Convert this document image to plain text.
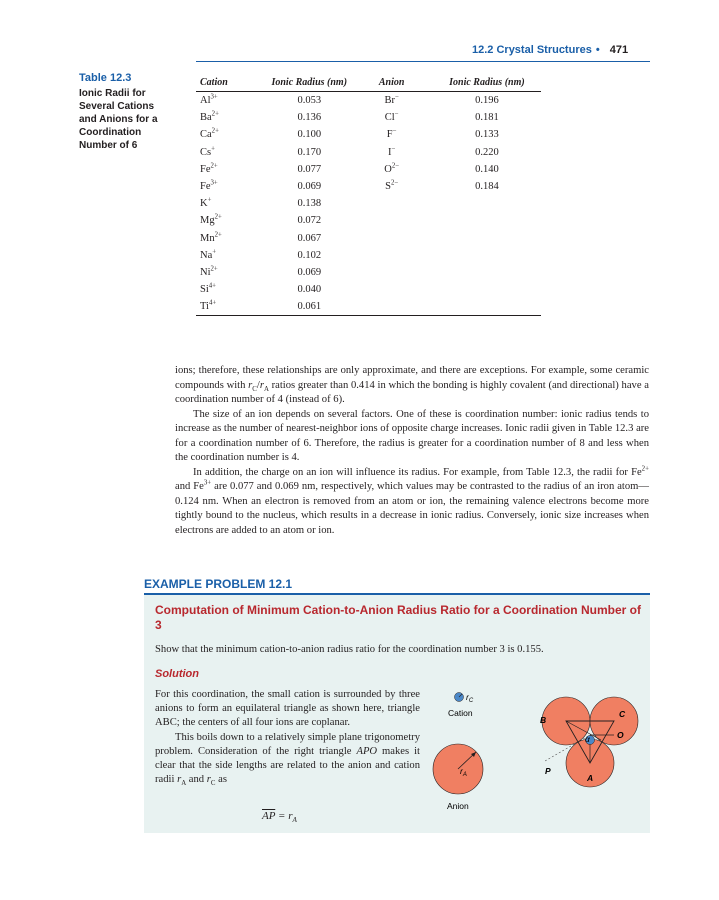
12.2 Crystal Structures • 471
Table 12.3
Ionic Radii for Several Cations and Anions for a Coordination Number of 6
Cation	Ionic Radius (nm)	Anion	Ionic Radius (nm)
$Al^{3+}$	0.053	Br−	0.196
$Ba^{2+}$	0.136	Cl−	0.181
$Ca^{2+}$	0.100	F−	0.133
Cs+	0.170	I−	0.220
$Fe^{2+}$	0.077	$O^{2-}$	0.140
$Fe^{3+}$	0.069	$S^{2-}$	0.184
K+	0.138		
$Mg^{2+}$	0.072		
$Mn^{2+}$	0.067		
Na+	0.102		
$Ni^{2+}$	0.069		
$Si^{4+}$	0.040		
$Ti^{4+}$	0.061		

ions; therefore, these relationships are only approximate, and there are exceptions. For example, some ceramic compounds with $r_C/r_A$ ratios greater than 0.414 in which the bonding is highly covalent (and directional) have a coordination number of 4 (instead of 6).

The size of an ion depends on several factors. One of these is coordination number: ionic radius tends to increase as the number of nearest-neighbor ions of opposite charge increases. Ionic radii given in Table 12.3 are for a coordination number of 6. Therefore, the radius is greater for a coordination number of 8 and less when the coordination number is 4.

In addition, the charge on an ion will influence its radius. For example, from Table 12.3, the radii for $Fe^{2+}$ and $Fe^{3+}$ are 0.077 and 0.069 nm, respectively, which values may be contrasted to the radius of an iron atom—0.124 nm. When an electron is removed from an atom or ion, the remaining valence electrons become more tightly bound to the nucleus, which results in a decrease in ionic radius. Conversely, ionic size increases when electrons are added to an atom or ion.

EXAMPLE PROBLEM 12.1
Computation of Minimum Cation-to-Anion Radius Ratio for a Coordination Number of 3
Show that the minimum cation-to-anion radius ratio for the coordination number 3 is 0.155.
Solution

For this coordination, the small cation is surrounded by three anions to form an equilateral triangle as shown here, triangle ABC; the centers of all four ions are coplanar.

This boils down to a relatively simple plane trigonometry problem. Consideration of the right triangle APO makes it clear that the side lengths are related to the anion and cation radii $r_A$ and $r_C$ as

$\overline{AP} = r_A$
$r_C$
Cation
$r_A$
Anion
α
B
C
O
A
P
